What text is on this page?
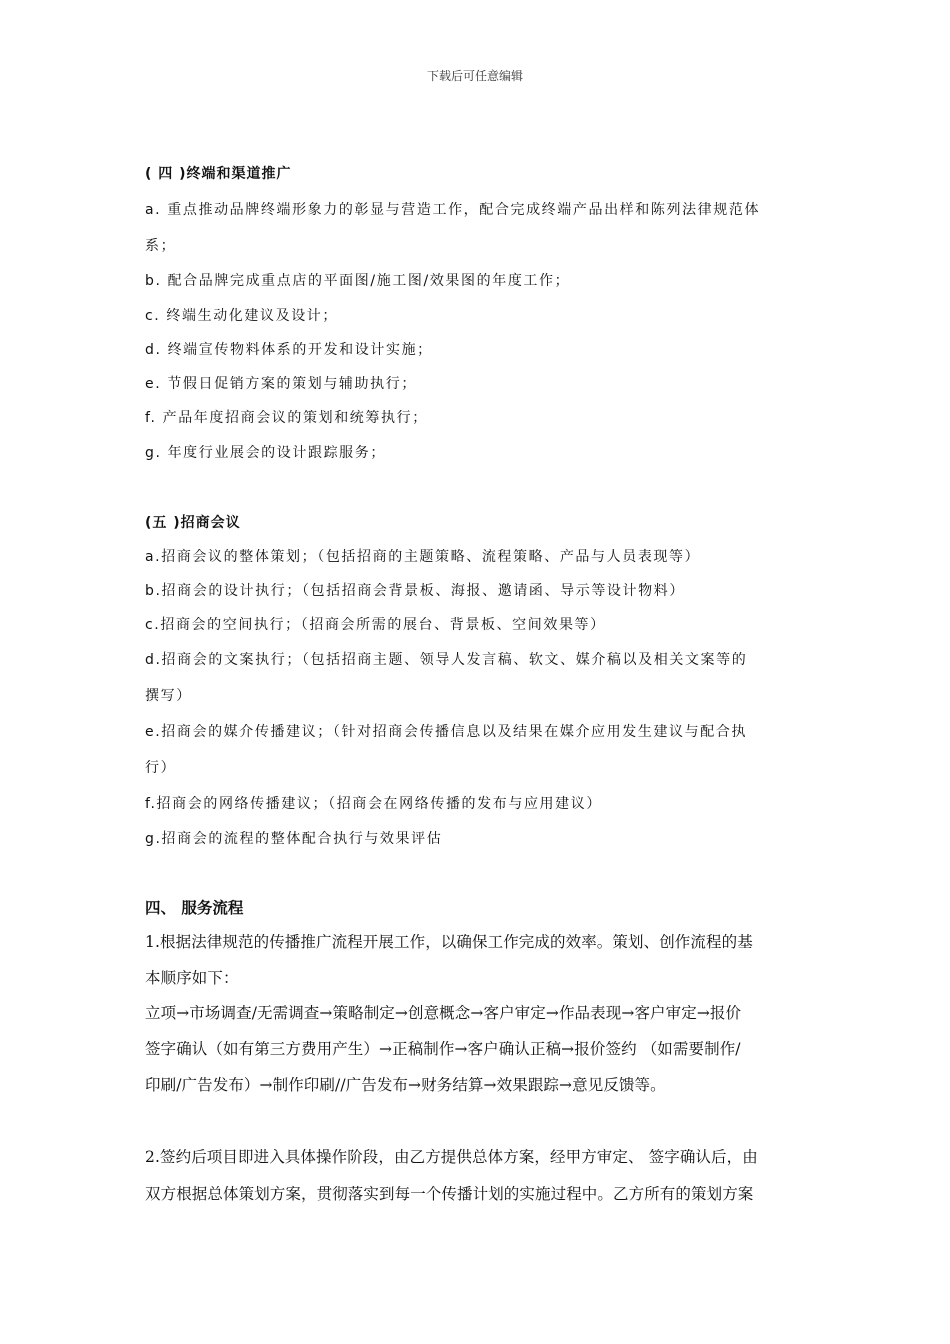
下载后可任意编辑
( 四 )终端和渠道推广
a. 重点推动品牌终端形象力的彰显与营造工作，配合完成终端产品出样和陈列法律规范体
系；
b. 配合品牌完成重点店的平面图/施工图/效果图的年度工作；
c. 终端生动化建议及设计；
d. 终端宣传物料体系的开发和设计实施；
e. 节假日促销方案的策划与辅助执行；
f. 产品年度招商会议的策划和统筹执行；
g. 年度行业展会的设计跟踪服务；
(五 )招商会议
a.招商会议的整体策划；（包括招商的主题策略、流程策略、产品与人员表现等）
b.招商会的设计执行；（包括招商会背景板、海报、邀请函、导示等设计物料）
c.招商会的空间执行；（招商会所需的展台、背景板、空间效果等）
d.招商会的文案执行；（包括招商主题、领导人发言稿、软文、媒介稿以及相关文案等的
撰写）
e.招商会的媒介传播建议；（针对招商会传播信息以及结果在媒介应用发生建议与配合执
行）
f.招商会的网络传播建议；（招商会在网络传播的发布与应用建议）
g.招商会的流程的整体配合执行与效果评估
四、 服务流程
1.根据法律规范的传播推广流程开展工作，以确保工作完成的效率。策划、创作流程的基
本顺序如下：
立项→市场调查/无需调查→策略制定→创意概念→客户审定→作品表现→客户审定→报价
签字确认（如有第三方费用产生）→正稿制作→客户确认正稿→报价签约 （如需要制作/
印刷/广告发布）→制作印刷//广告发布→财务结算→效果跟踪→意见反馈等。
2.签约后项目即进入具体操作阶段，由乙方提供总体方案，经甲方审定、 签字确认后，由
双方根据总体策划方案，贯彻落实到每一个传播计划的实施过程中。乙方所有的策划方案
